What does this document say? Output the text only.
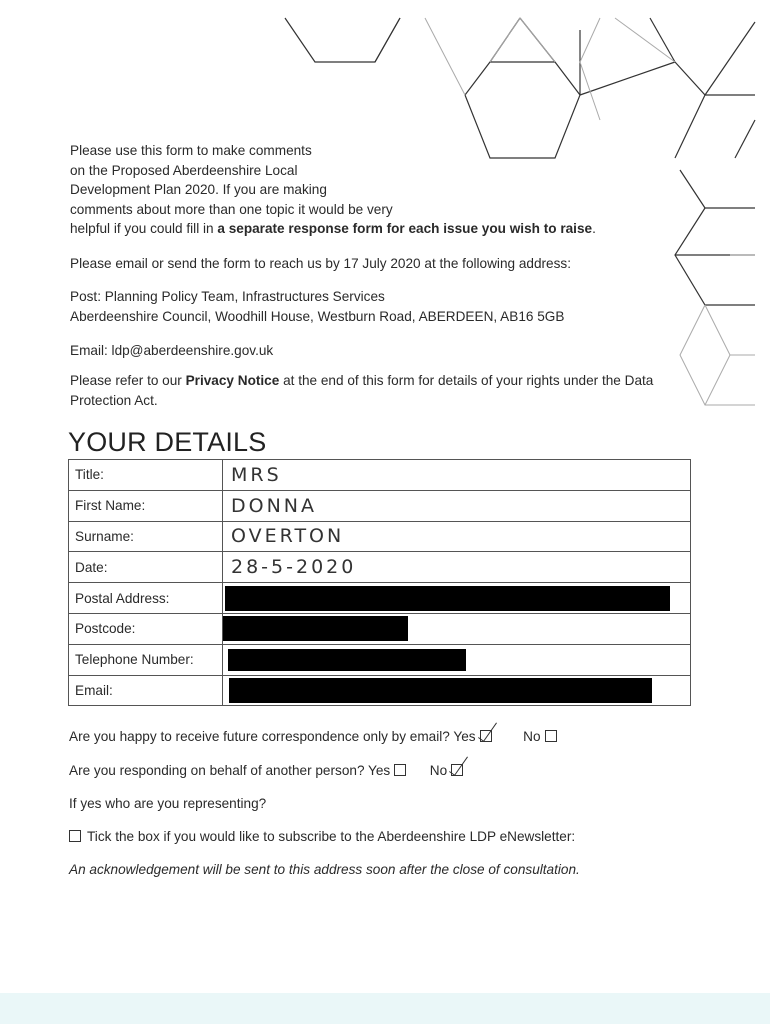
Please use this form to make comments
on the Proposed Aberdeenshire Local
Development Plan 2020. If you are making
comments about more than one topic it would be very
helpful if you could fill in a separate response form for each issue you wish to raise.

Please email or send the form to reach us by 17 July 2020 at the following address:

Post: Planning Policy Team, Infrastructures Services
Aberdeenshire Council, Woodhill House, Westburn Road, ABERDEEN, AB16 5GB

Email: ldp@aberdeenshire.gov.uk

Please refer to our Privacy Notice at the end of this form for details of your rights under the Data Protection Act.

YOUR DETAILS
Title:	MRS
First Name:	DONNA
Surname:	OVERTON
Date:	28-5-2020
Postal Address:	
Postcode:	
Telephone Number:	
Email:	

Are you happy to receive future correspondence only by email? Yes	No

Are you responding on behalf of another person? Yes	No

If yes who are you representing?

Tick the box if you would like to subscribe to the Aberdeenshire LDP eNewsletter:

An acknowledgement will be sent to this address soon after the close of consultation.
